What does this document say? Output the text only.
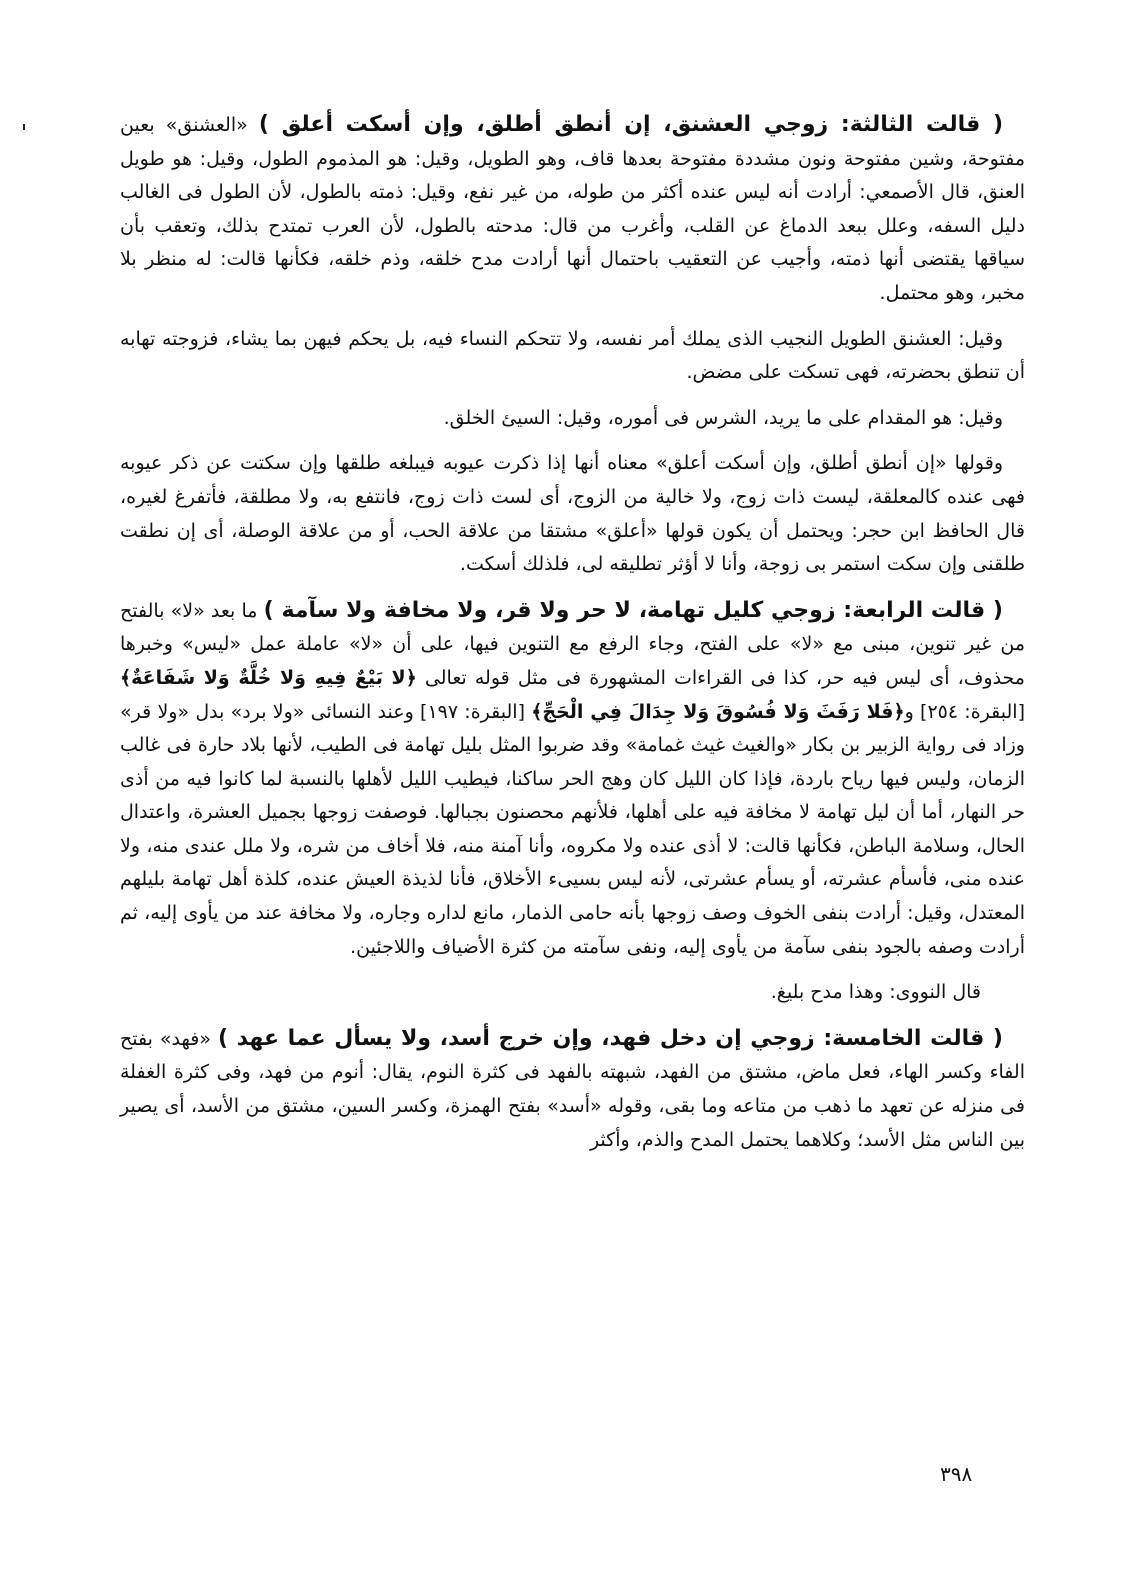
( قالت الثالثة: زوجي العشنق، إن أنطق أطلق، وإن أسكت أعلق ) «العشنق» بعين مفتوحة، وشين مفتوحة ونون مشددة مفتوحة بعدها قاف، وهو الطويل، وقيل: هو المذموم الطول، وقيل: هو طويل العنق، قال الأصمعي: أرادت أنه ليس عنده أكثر من طوله، من غير نفع، وقيل: ذمته بالطول، لأن الطول فى الغالب دليل السفه، وعلل ببعد الدماغ عن القلب، وأغرب من قال: مدحته بالطول، لأن العرب تمتدح بذلك، وتعقب بأن سياقها يقتضى أنها ذمته، وأجيب عن التعقيب باحتمال أنها أرادت مدح خلقه، وذم خلقه، فكأنها قالت: له منظر بلا مخبر، وهو محتمل.

وقيل: العشنق الطويل النجيب الذى يملك أمر نفسه، ولا تتحكم النساء فيه، بل يحكم فيهن بما يشاء، فزوجته تهابه أن تنطق بحضرته، فهى تسكت على مضض.

وقيل: هو المقدام على ما يريد، الشرس فى أموره، وقيل: السيئ الخلق.

وقولها «إن أنطق أطلق، وإن أسكت أعلق» معناه أنها إذا ذكرت عيوبه فيبلغه طلقها وإن سكتت عن ذكر عيوبه فهى عنده كالمعلقة، ليست ذات زوج، ولا خالية من الزوج، أى لست ذات زوج، فانتفع به، ولا مطلقة، فأتفرغ لغيره، قال الحافظ ابن حجر: ويحتمل أن يكون قولها «أعلق» مشتقا من علاقة الحب، أو من علاقة الوصلة، أى إن نطقت طلقنى وإن سكت استمر بى زوجة، وأنا لا أؤثر تطليقه لى، فلذلك أسكت.

( قالت الرابعة: زوجي كليل تهامة، لا حر ولا قر، ولا مخافة ولا سآمة ) ما بعد «لا» بالفتح من غير تنوين، مبنى مع «لا» على الفتح، وجاء الرفع مع التنوين فيها، على أن «لا» عاملة عمل «ليس» وخبرها محذوف، أى ليس فيه حر، كذا فى القراءات المشهورة فى مثل قوله تعالى ﴿لا بَيْعٌ فِيهِ وَلا خُلَّةٌ وَلا شَفَاعَةٌ﴾ [البقرة: ٢٥٤] و﴿فَلا رَفَثَ وَلا فُسُوقَ وَلا جِدَالَ فِي الْحَجِّ﴾ [البقرة: ١٩٧] وعند النسائى «ولا برد» بدل «ولا قر» وزاد فى رواية الزبير بن بكار «والغيث غيث غمامة» وقد ضربوا المثل بليل تهامة فى الطيب، لأنها بلاد حارة فى غالب الزمان، وليس فيها رياح باردة، فإذا كان الليل كان وهج الحر ساكنا، فيطيب الليل لأهلها بالنسبة لما كانوا فيه من أذى حر النهار، أما أن ليل تهامة لا مخافة فيه على أهلها، فلأنهم محصنون بجبالها. فوصفت زوجها بجميل العشرة، واعتدال الحال، وسلامة الباطن، فكأنها قالت: لا أذى عنده ولا مكروه، وأنا آمنة منه، فلا أخاف من شره، ولا ملل عندى منه، ولا عنده منى، فأسأم عشرته، أو يسأم عشرتى، لأنه ليس بسيىء الأخلاق، فأنا لذيذة العيش عنده، كلذة أهل تهامة بليلهم المعتدل، وقيل: أرادت بنفى الخوف وصف زوجها بأنه حامى الذمار، مانع لداره وجاره، ولا مخافة عند من يأوى إليه، ثم أرادت وصفه بالجود بنفى سآمة من يأوى إليه، ونفى سآمته من كثرة الأضياف واللاجئين.

قال النووى: وهذا مدح بليغ.

( قالت الخامسة: زوجي إن دخل فهد، وإن خرج أسد، ولا يسأل عما عهد ) «فهد» بفتح الفاء وكسر الهاء، فعل ماض، مشتق من الفهد، شبهته بالفهد فى كثرة النوم، يقال: أنوم من فهد، وفى كثرة الغفلة فى منزله عن تعهد ما ذهب من متاعه وما بقى، وقوله «أسد» بفتح الهمزة، وكسر السين، مشتق من الأسد، أى يصير بين الناس مثل الأسد؛ وكلاهما يحتمل المدح والذم، وأكثر

٣٩٨
